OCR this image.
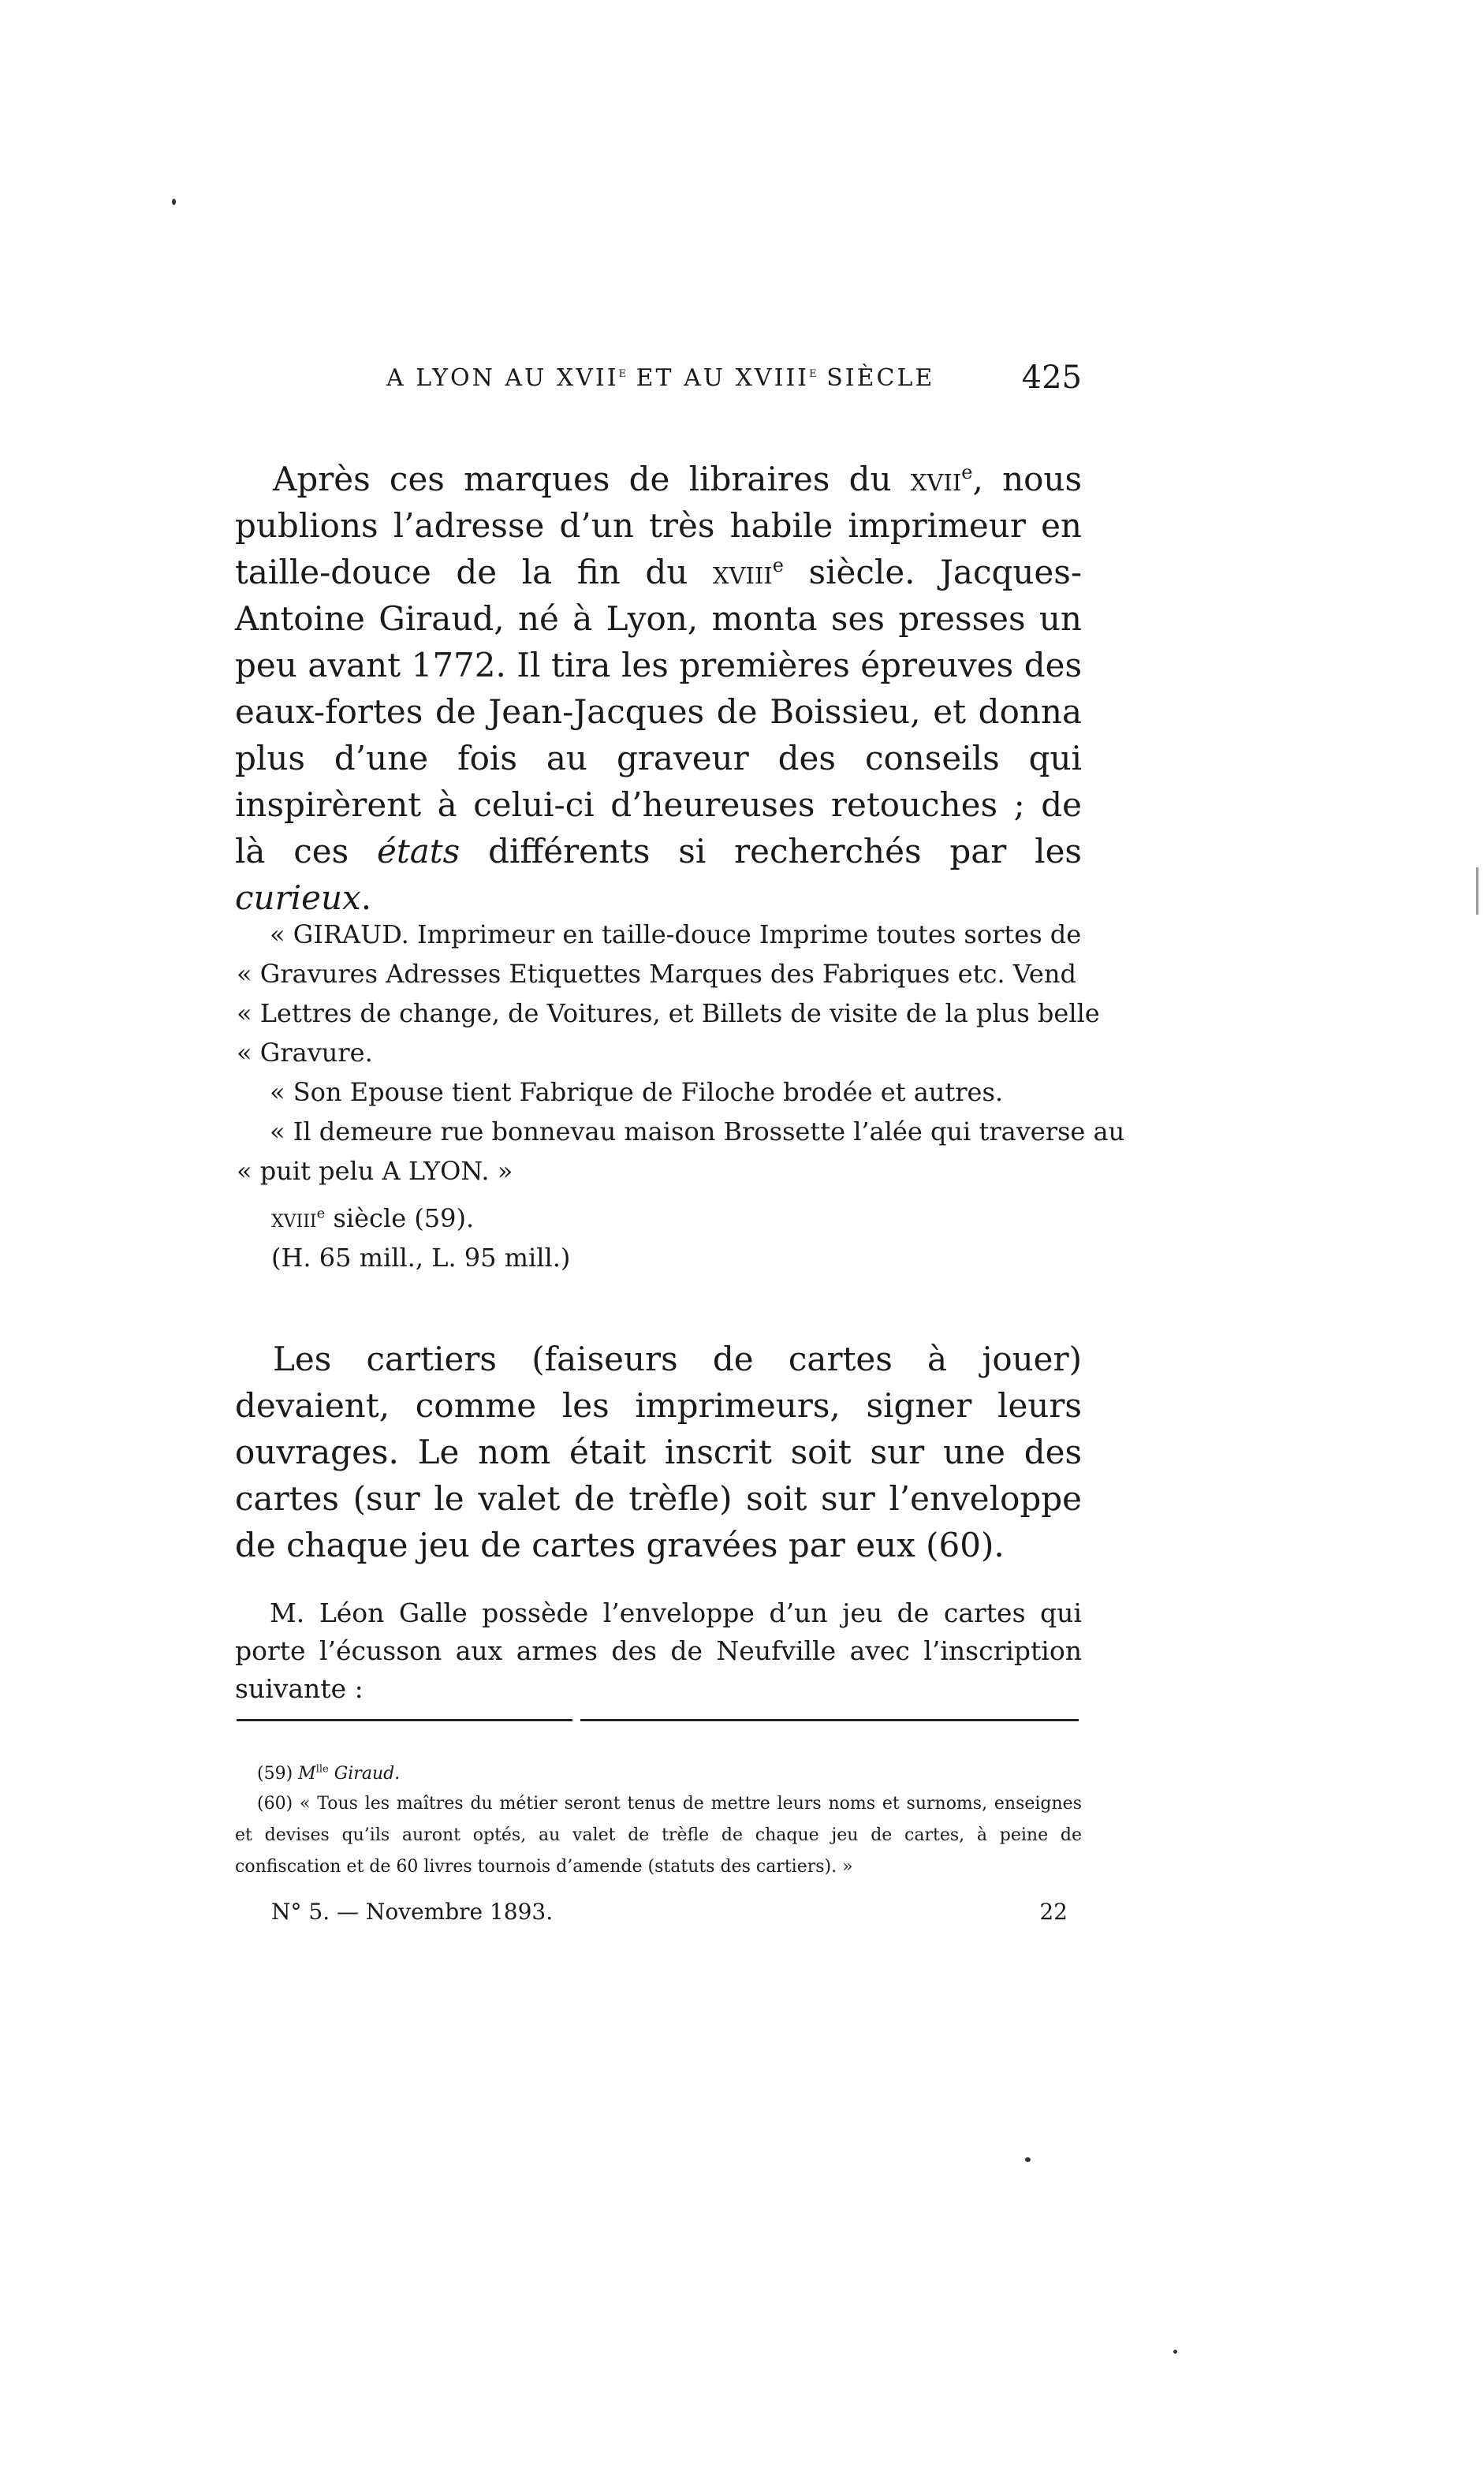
A LYON AU XVIIe ET AU XVIIIe SIÈCLE	425

Après ces marques de libraires du xvii$^e$, nous publions l’adresse d’un très habile imprimeur en taille-douce de la fin du xviii$^e$ siècle. Jacques-Antoine Giraud, né à Lyon, monta ses presses un peu avant 1772. Il tira les premières épreuves des eaux-fortes de Jean-Jacques de Boissieu, et donna plus d’une fois au graveur des conseils qui inspirèrent à celui-ci d’heureuses retouches ; de là ces états différents si recherchés par les curieux.

« GIRAUD. Imprimeur en taille-douce Imprime toutes sortes de
« Gravures Adresses Etiquettes Marques des Fabriques etc. Vend
« Lettres de change, de Voitures, et Billets de visite de la plus belle
« Gravure.
« Son Epouse tient Fabrique de Filoche brodée et autres.
« Il demeure rue bonnevau maison Brossette l’alée qui traverse au
« puit pelu A LYON. »
xviii$^e$ siècle (59).
(H. 65 mill., L. 95 mill.)

Les cartiers (faiseurs de cartes à jouer) devaient, comme les imprimeurs, signer leurs ouvrages. Le nom était inscrit soit sur une des cartes (sur le valet de trèfle) soit sur l’enveloppe de chaque jeu de cartes gravées par eux (60).

M. Léon Galle possède l’enveloppe d’un jeu de cartes qui porte l’écusson aux armes des de Neufville avec l’inscription suivante :

(59) $M^{lle}$ Giraud.
(60) « Tous les maîtres du métier seront tenus de mettre leurs noms et surnoms, enseignes et devises qu’ils auront optés, au valet de trèfle de chaque jeu de cartes, à peine de confiscation et de 60 livres tournois d’amende (statuts des cartiers). »
N° 5. — Novembre 1893.	22
